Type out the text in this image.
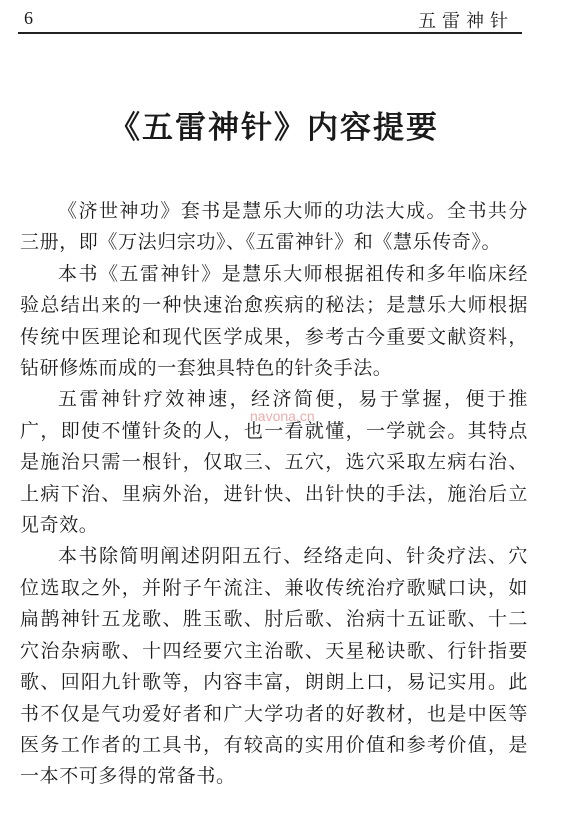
6	五雷神针
《五雷神针》内容提要

《济世神功》套书是慧乐大师的功法大成。全书共分三册，即《万法归宗功》、《五雷神针》和《慧乐传奇》。

本书《五雷神针》是慧乐大师根据祖传和多年临床经验总结出来的一种快速治愈疾病的秘法；是慧乐大师根据传统中医理论和现代医学成果，参考古今重要文献资料，钻研修炼而成的一套独具特色的针灸手法。

五雷神针疗效神速，经济简便，易于掌握，便于推广，即使不懂针灸的人，也一看就懂，一学就会。其特点是施治只需一根针，仅取三、五穴，选穴采取左病右治、上病下治、里病外治，进针快、出针快的手法，施治后立见奇效。

本书除简明阐述阴阳五行、经络走向、针灸疗法、穴位选取之外，并附子午流注、兼收传统治疗歌赋口诀，如扁鹊神针五龙歌、胜玉歌、肘后歌、治病十五证歌、十二穴治杂病歌、十四经要穴主治歌、天星秘诀歌、行针指要歌、回阳九针歌等，内容丰富，朗朗上口，易记实用。此书不仅是气功爱好者和广大学功者的好教材，也是中医等医务工作者的工具书，有较高的实用价值和参考价值，是一本不可多得的常备书。

navona.cn
